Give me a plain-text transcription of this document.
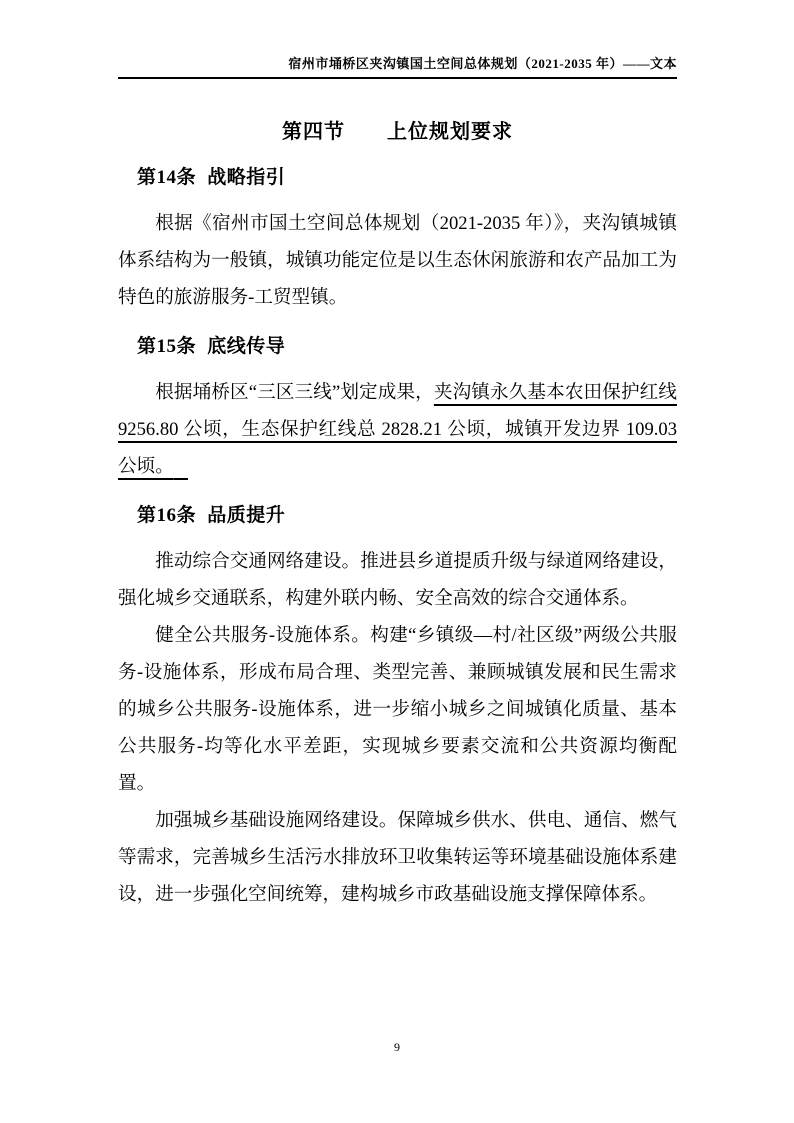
宿州市埇桥区夹沟镇国土空间总体规划（2021-2035 年）——文本
第四节　　上位规划要求
第14条 战略指引

根据《宿州市国土空间总体规划（2021-2035 年）》，夹沟镇城镇体系结构为一般镇，城镇功能定位是以生态休闲旅游和农产品加工为特色的旅游服务-工贸型镇。

第15条 底线传导

根据埇桥区“三区三线”划定成果，夹沟镇永久基本农田保护红线 9256.80 公顷，生态保护红线总 2828.21 公顷，城镇开发边界 109.03 公顷。

第16条 品质提升

推动综合交通网络建设。推进县乡道提质升级与绿道网络建设，强化城乡交通联系，构建外联内畅、安全高效的综合交通体系。

健全公共服务-设施体系。构建“乡镇级—村/社区级”两级公共服务-设施体系，形成布局合理、类型完善、兼顾城镇发展和民生需求的城乡公共服务-设施体系，进一步缩小城乡之间城镇化质量、基本公共服务-均等化水平差距，实现城乡要素交流和公共资源均衡配置。

加强城乡基础设施网络建设。保障城乡供水、供电、通信、燃气等需求，完善城乡生活污水排放环卫收集转运等环境基础设施体系建设，进一步强化空间统筹，建构城乡市政基础设施支撑保障体系。

9
